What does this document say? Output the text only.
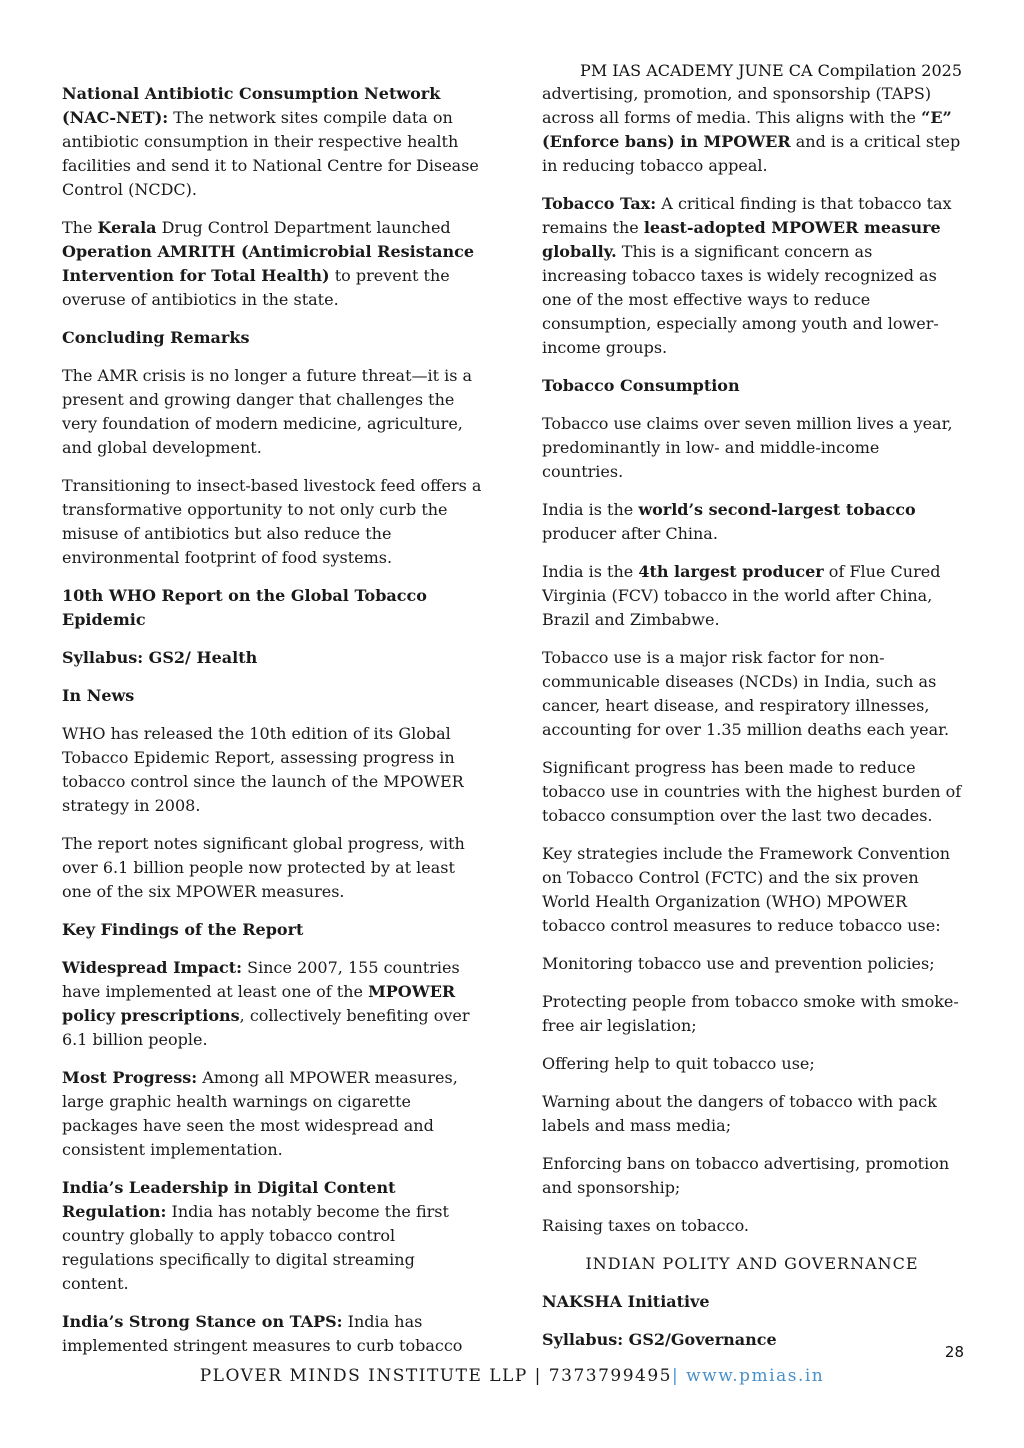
PM IAS ACADEMY JUNE CA Compilation 2025

National Antibiotic Consumption Network (NAC-NET): The network sites compile data on antibiotic consumption in their respective health facilities and send it to National Centre for Disease Control (NCDC).

The Kerala Drug Control Department launched Operation AMRITH (Antimicrobial Resistance Intervention for Total Health) to prevent the overuse of antibiotics in the state.

Concluding Remarks

The AMR crisis is no longer a future threat—it is a present and growing danger that challenges the very foundation of modern medicine, agriculture, and global development.

Transitioning to insect-based livestock feed offers a transformative opportunity to not only curb the misuse of antibiotics but also reduce the environmental footprint of food systems.

10th WHO Report on the Global Tobacco Epidemic

Syllabus: GS2/ Health

In News

WHO has released the 10th edition of its Global Tobacco Epidemic Report, assessing progress in tobacco control since the launch of the MPOWER strategy in 2008.

The report notes significant global progress, with over 6.1 billion people now protected by at least one of the six MPOWER measures.

Key Findings of the Report

Widespread Impact: Since 2007, 155 countries have implemented at least one of the MPOWER policy prescriptions, collectively benefiting over 6.1 billion people.

Most Progress: Among all MPOWER measures, large graphic health warnings on cigarette packages have seen the most widespread and consistent implementation.

India’s Leadership in Digital Content Regulation: India has notably become the first country globally to apply tobacco control regulations specifically to digital streaming content.

India’s Strong Stance on TAPS: India has implemented stringent measures to curb tobacco

advertising, promotion, and sponsorship (TAPS) across all forms of media. This aligns with the “E” (Enforce bans) in MPOWER and is a critical step in reducing tobacco appeal.

Tobacco Tax: A critical finding is that tobacco tax remains the least-adopted MPOWER measure globally. This is a significant concern as increasing tobacco taxes is widely recognized as one of the most effective ways to reduce consumption, especially among youth and lower-income groups.

Tobacco Consumption

Tobacco use claims over seven million lives a year, predominantly in low- and middle-income countries.

India is the world’s second-largest tobacco producer after China.

India is the 4th largest producer of Flue Cured Virginia (FCV) tobacco in the world after China, Brazil and Zimbabwe.

Tobacco use is a major risk factor for non-communicable diseases (NCDs) in India, such as cancer, heart disease, and respiratory illnesses, accounting for over 1.35 million deaths each year.

Significant progress has been made to reduce tobacco use in countries with the highest burden of tobacco consumption over the last two decades.

Key strategies include the Framework Convention on Tobacco Control (FCTC) and the six proven World Health Organization (WHO) MPOWER tobacco control measures to reduce tobacco use:

Monitoring tobacco use and prevention policies;

Protecting people from tobacco smoke with smoke-free air legislation;

Offering help to quit tobacco use;

Warning about the dangers of tobacco with pack labels and mass media;

Enforcing bans on tobacco advertising, promotion and sponsorship;

Raising taxes on tobacco.

INDIAN POLITY AND GOVERNANCE

NAKSHA Initiative

Syllabus: GS2/Governance

28
PLOVER MINDS INSTITUTE LLP | 7373799495| www.pmias.in
